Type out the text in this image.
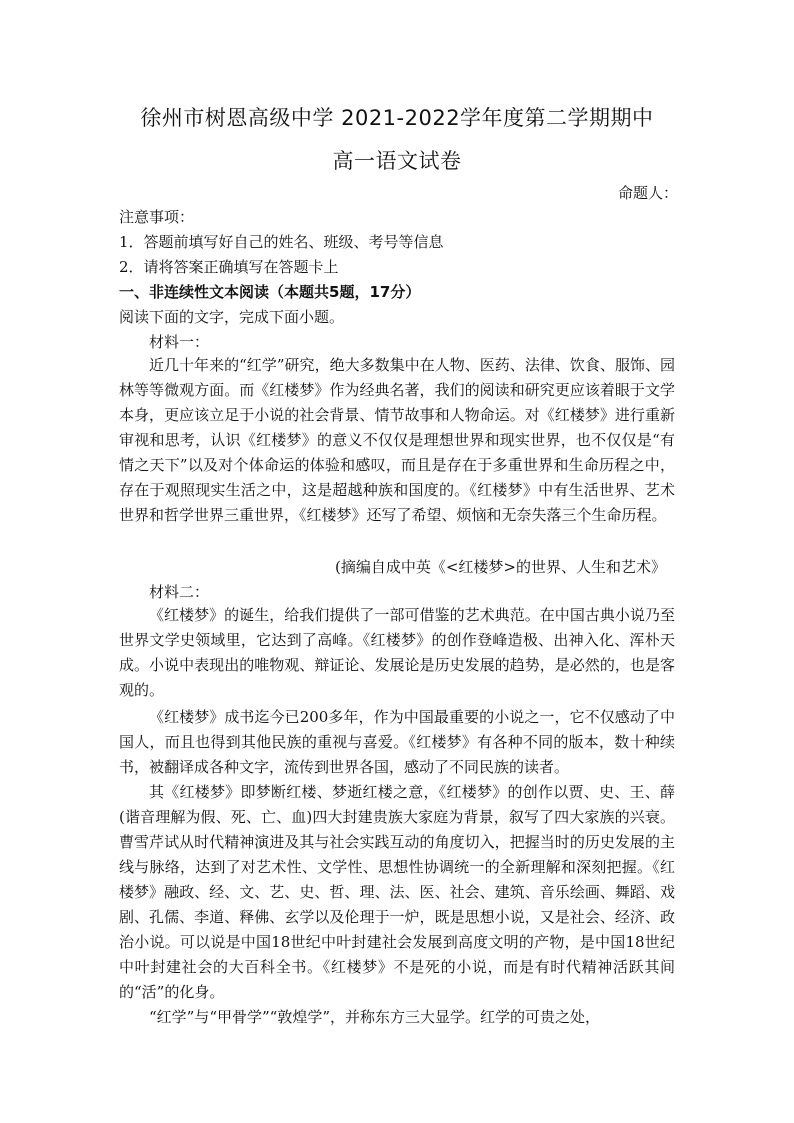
徐州市树恩高级中学 2021-2022学年度第二学期期中
高一语文试卷
命题人：
注意事项：
1．答题前填写好自己的姓名、班级、考号等信息
2．请将答案正确填写在答题卡上
一、非连续性文本阅读（本题共5题，17分）
阅读下面的文字，完成下面小题。
材料一：
近几十年来的“红学”研究，绝大多数集中在人物、医药、法律、饮食、服饰、园林等等微观方面。而《红楼梦》作为经典名著，我们的阅读和研究更应该着眼于文学本身，更应该立足于小说的社会背景、情节故事和人物命运。对《红楼梦》进行重新审视和思考，认识《红楼梦》的意义不仅仅是理想世界和现实世界，也不仅仅是“有情之天下”以及对个体命运的体验和感叹，而且是存在于多重世界和生命历程之中，存在于观照现实生活之中，这是超越种族和国度的。《红楼梦》中有生活世界、艺术世界和哲学世界三重世界，《红楼梦》还写了希望、烦恼和无奈失落三个生命历程。
(摘编自成中英《<红楼梦>的世界、人生和艺术》
材料二：
《红楼梦》的诞生，给我们提供了一部可借鉴的艺术典范。在中国古典小说乃至世界文学史领域里，它达到了高峰。《红楼梦》的创作登峰造极、出神入化、浑朴天成。小说中表现出的唯物观、辩证论、发展论是历史发展的趋势，是必然的，也是客观的。
《红楼梦》成书迄今已200多年，作为中国最重要的小说之一，它不仅感动了中国人，而且也得到其他民族的重视与喜爱。《红楼梦》有各种不同的版本，数十种续书，被翻译成各种文字，流传到世界各国，感动了不同民族的读者。
其《红楼梦》即梦断红楼、梦逝红楼之意，《红楼梦》的创作以贾、史、王、薛(谐音理解为假、死、亡、血)四大封建贵族大家庭为背景，叙写了四大家族的兴衰。曹雪芹试从时代精神演进及其与社会实践互动的角度切入，把握当时的历史发展的主线与脉络，达到了对艺术性、文学性、思想性协调统一的全新理解和深刻把握。《红楼梦》融政、经、文、艺、史、哲、理、法、医、社会、建筑、音乐绘画、舞蹈、戏剧、孔儒、李道、释佛、玄学以及伦理于一炉，既是思想小说，又是社会、经济、政治小说。可以说是中国18世纪中叶封建社会发展到高度文明的产物，是中国18世纪中叶封建社会的大百科全书。《红楼梦》不是死的小说，而是有时代精神活跃其间的“活”的化身。
“红学”与“甲骨学”“敦煌学”，并称东方三大显学。红学的可贵之处，
